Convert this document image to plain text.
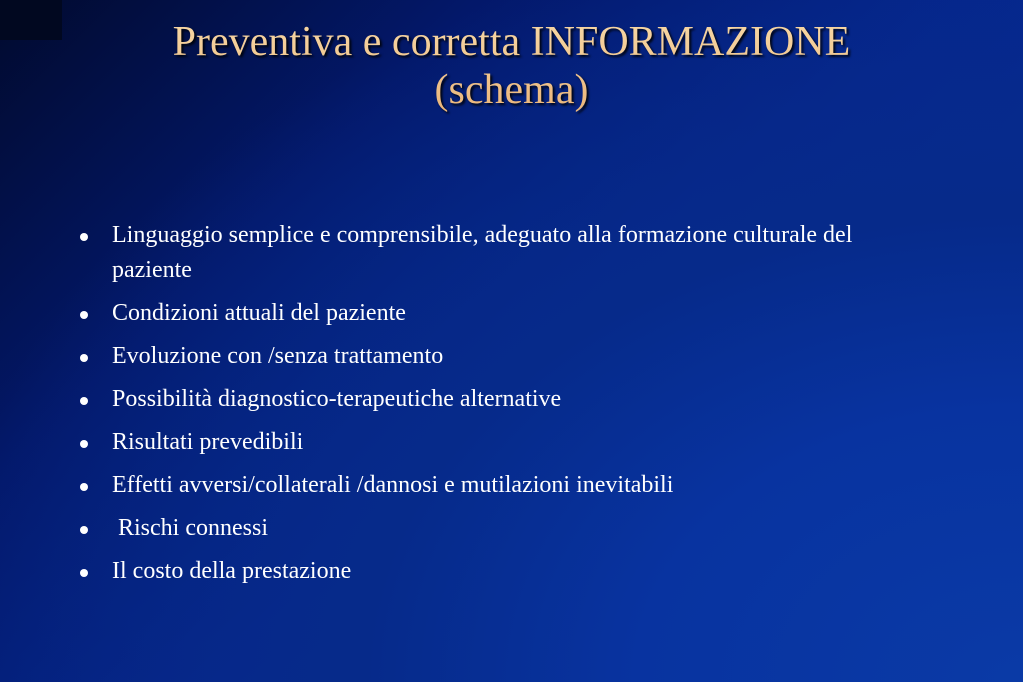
Preventiva e corretta INFORMAZIONE
(schema)
Linguaggio semplice e comprensibile, adeguato alla formazione culturale del paziente
Condizioni attuali del paziente
Evoluzione con /senza trattamento
Possibilità diagnostico-terapeutiche alternative
Risultati prevedibili
Effetti avversi/collaterali /dannosi e mutilazioni inevitabili
Rischi connessi
Il costo della prestazione
